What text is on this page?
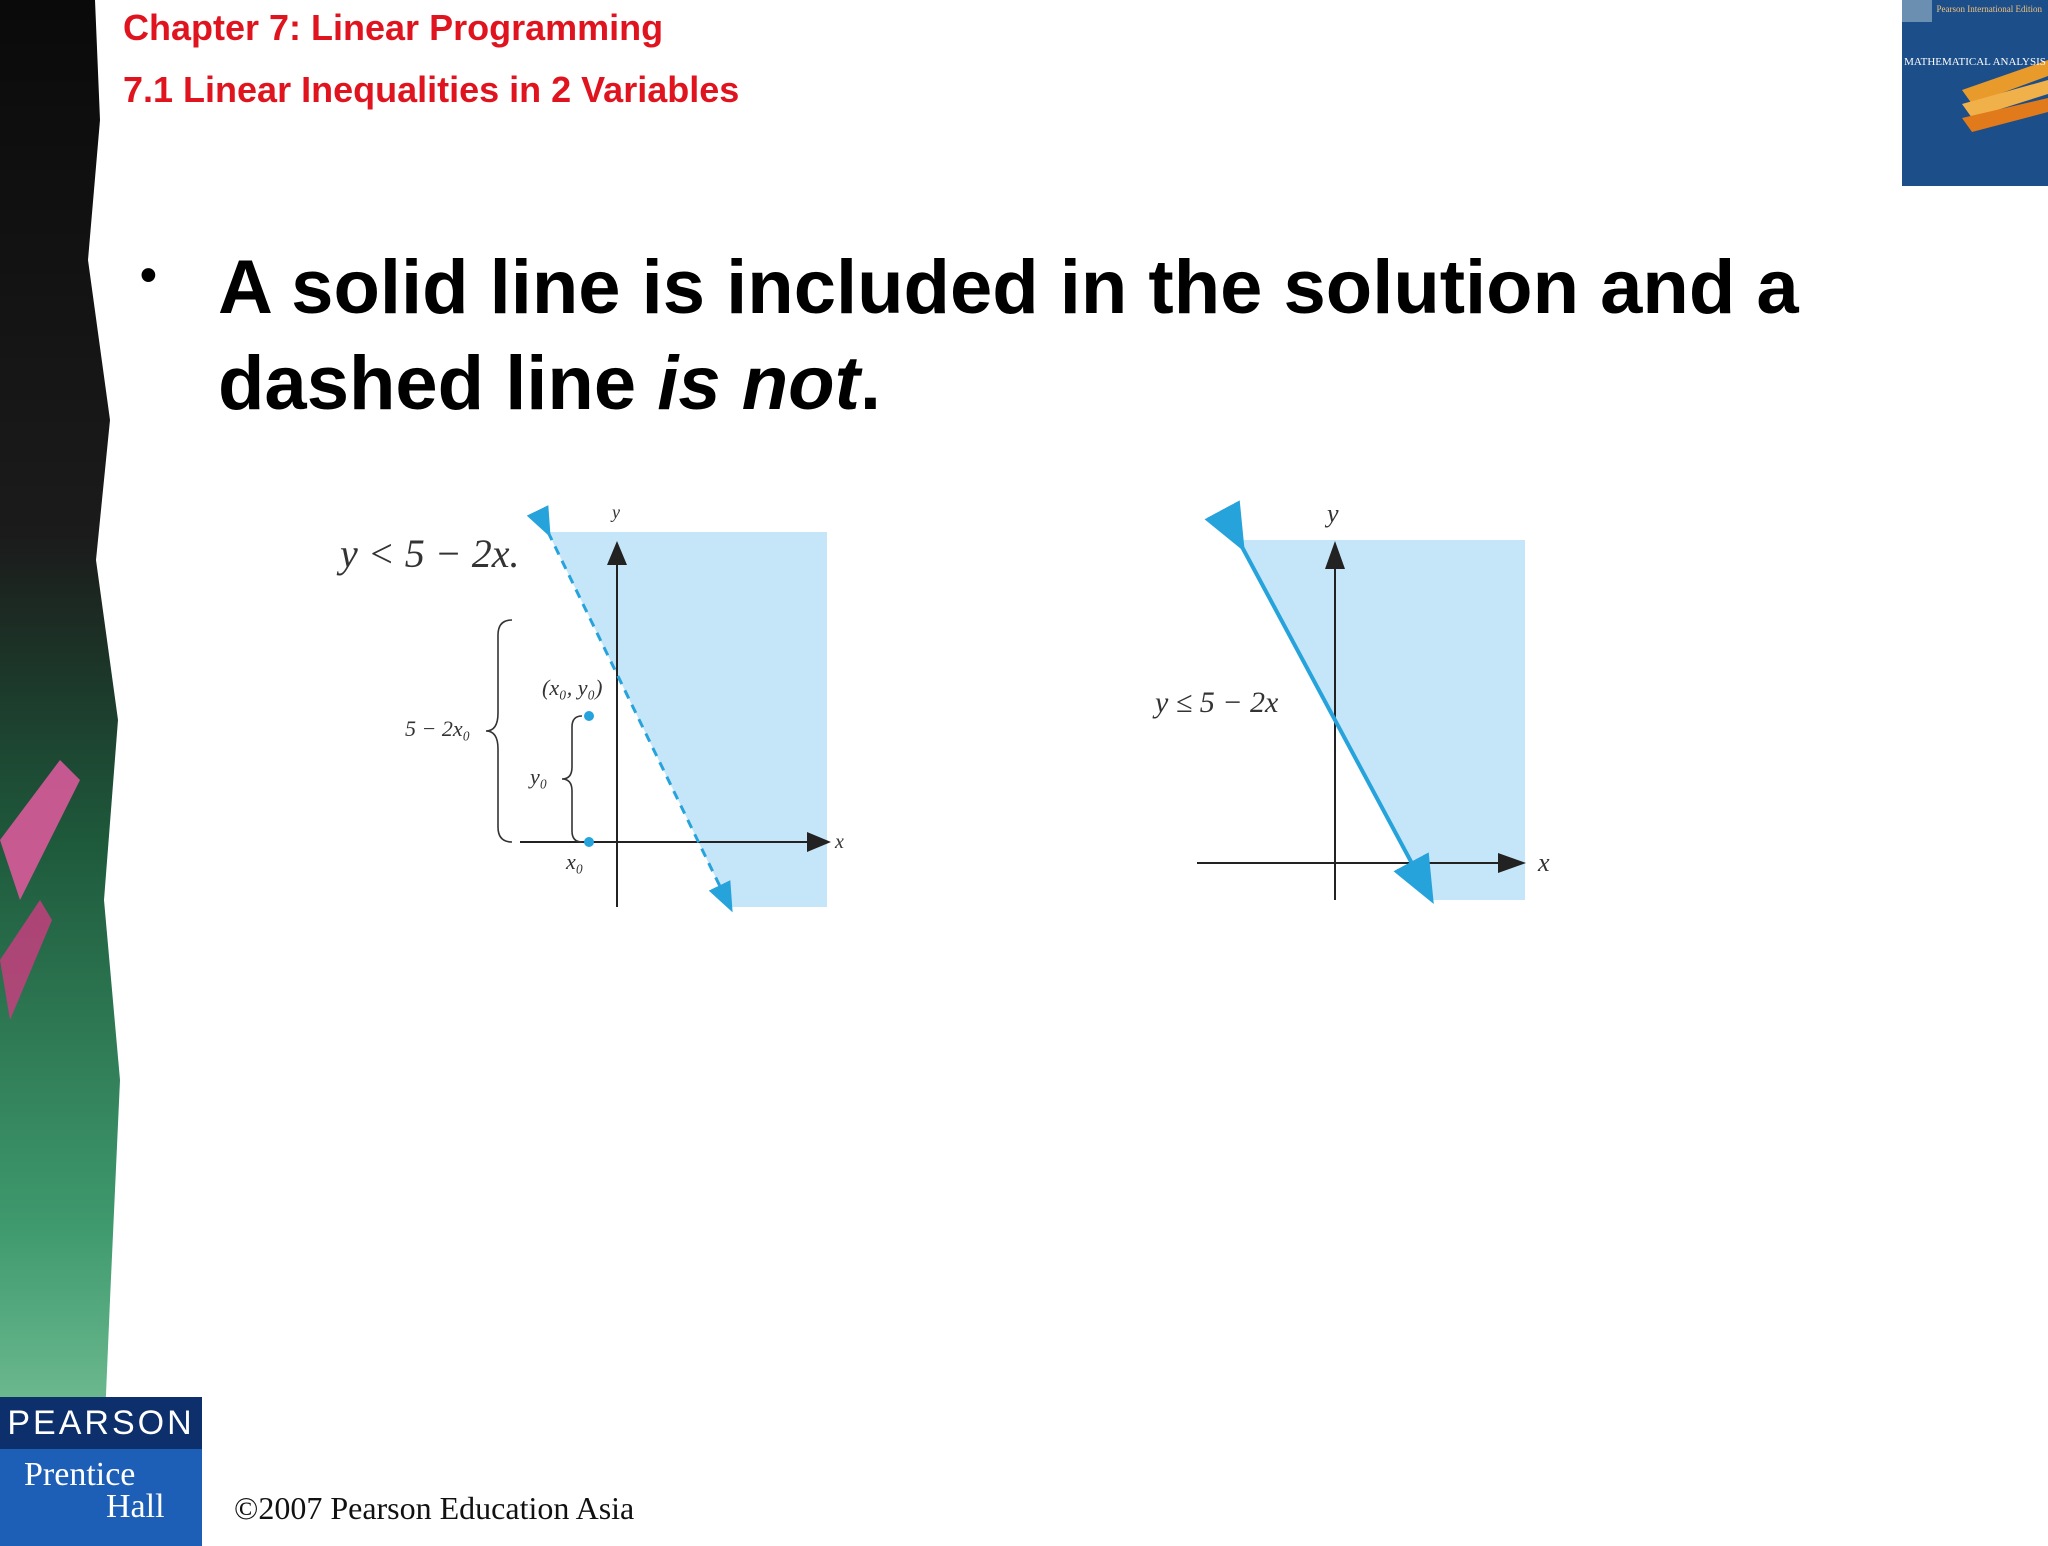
Chapter 7: Linear Programming
7.1 Linear Inequalities in 2 Variables
Pearson International Edition
MATHEMATICAL ANALYSIS
• A solid line is included in the solution and a dashed line is not.
y < 5 − 2x.
y
x
(x₀, y₀)
5 − 2x₀
y₀
x₀
y ≤ 5 − 2x
y
x
PEARSON
Prentice
Hall	©2007 Pearson Education Asia
